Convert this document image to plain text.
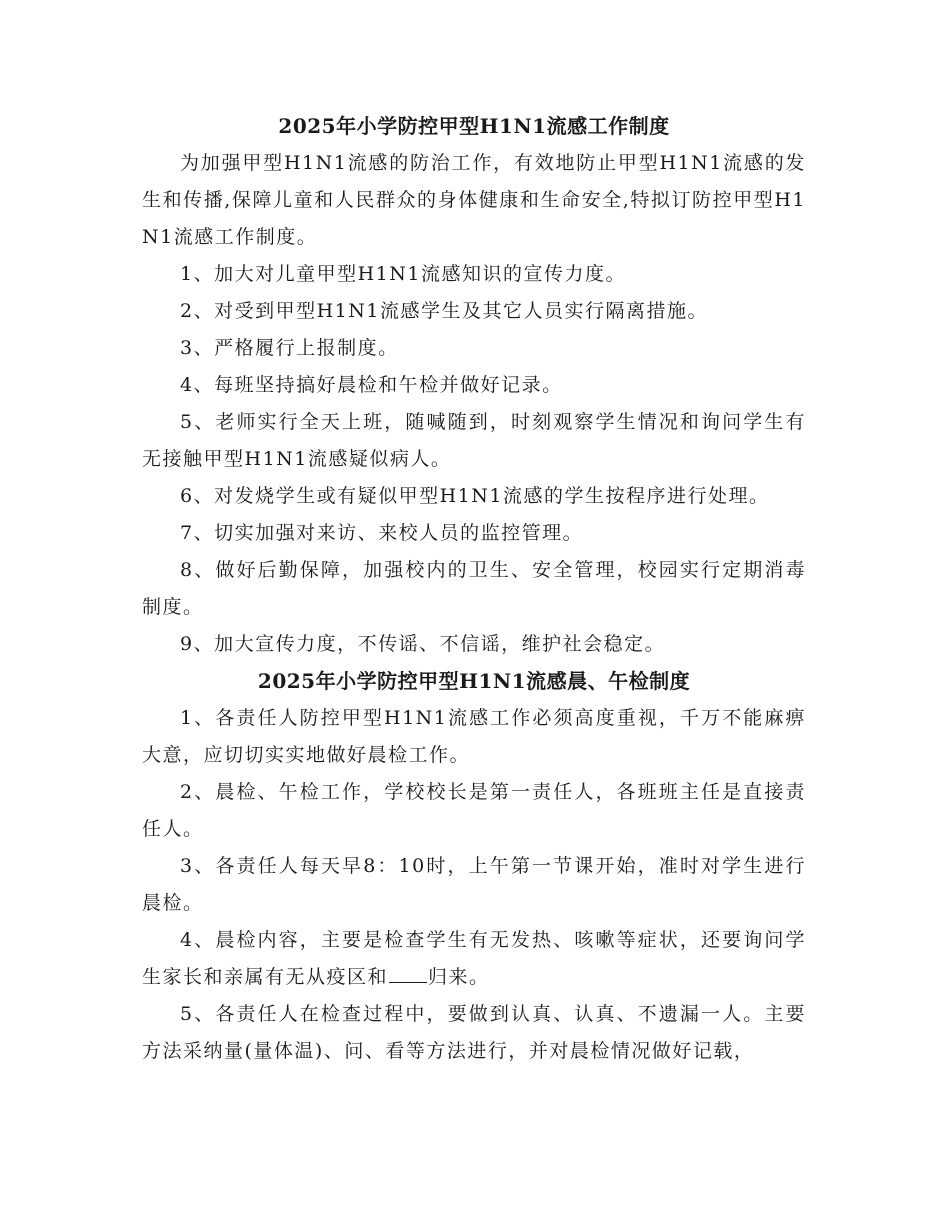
2025年小学防控甲型H1N1流感工作制度

为加强甲型H1N1流感的防治工作，有效地防止甲型H1N1流感的发生和传播,保障儿童和人民群众的身体健康和生命安全,特拟订防控甲型H1N1流感工作制度。

1、加大对儿童甲型H1N1流感知识的宣传力度。

2、对受到甲型H1N1流感学生及其它人员实行隔离措施。

3、严格履行上报制度。

4、每班坚持搞好晨检和午检并做好记录。

5、老师实行全天上班，随喊随到，时刻观察学生情况和询问学生有无接触甲型H1N1流感疑似病人。

6、对发烧学生或有疑似甲型H1N1流感的学生按程序进行处理。

7、切实加强对来访、来校人员的监控管理。

8、做好后勤保障，加强校内的卫生、安全管理，校园实行定期消毒制度。

9、加大宣传力度，不传谣、不信谣，维护社会稳定。

2025年小学防控甲型H1N1流感晨、午检制度

1、各责任人防控甲型H1N1流感工作必须高度重视，千万不能麻痹大意，应切切实实地做好晨检工作。

2、晨检、午检工作，学校校长是第一责任人，各班班主任是直接责任人。

3、各责任人每天早8：10时，上午第一节课开始，准时对学生进行晨检。

4、晨检内容，主要是检查学生有无发热、咳嗽等症状，还要询问学生家长和亲属有无从疫区和 归来。

5、各责任人在检查过程中，要做到认真、认真、不遗漏一人。主要方法采纳量(量体温)、问、看等方法进行，并对晨检情况做好记载，
